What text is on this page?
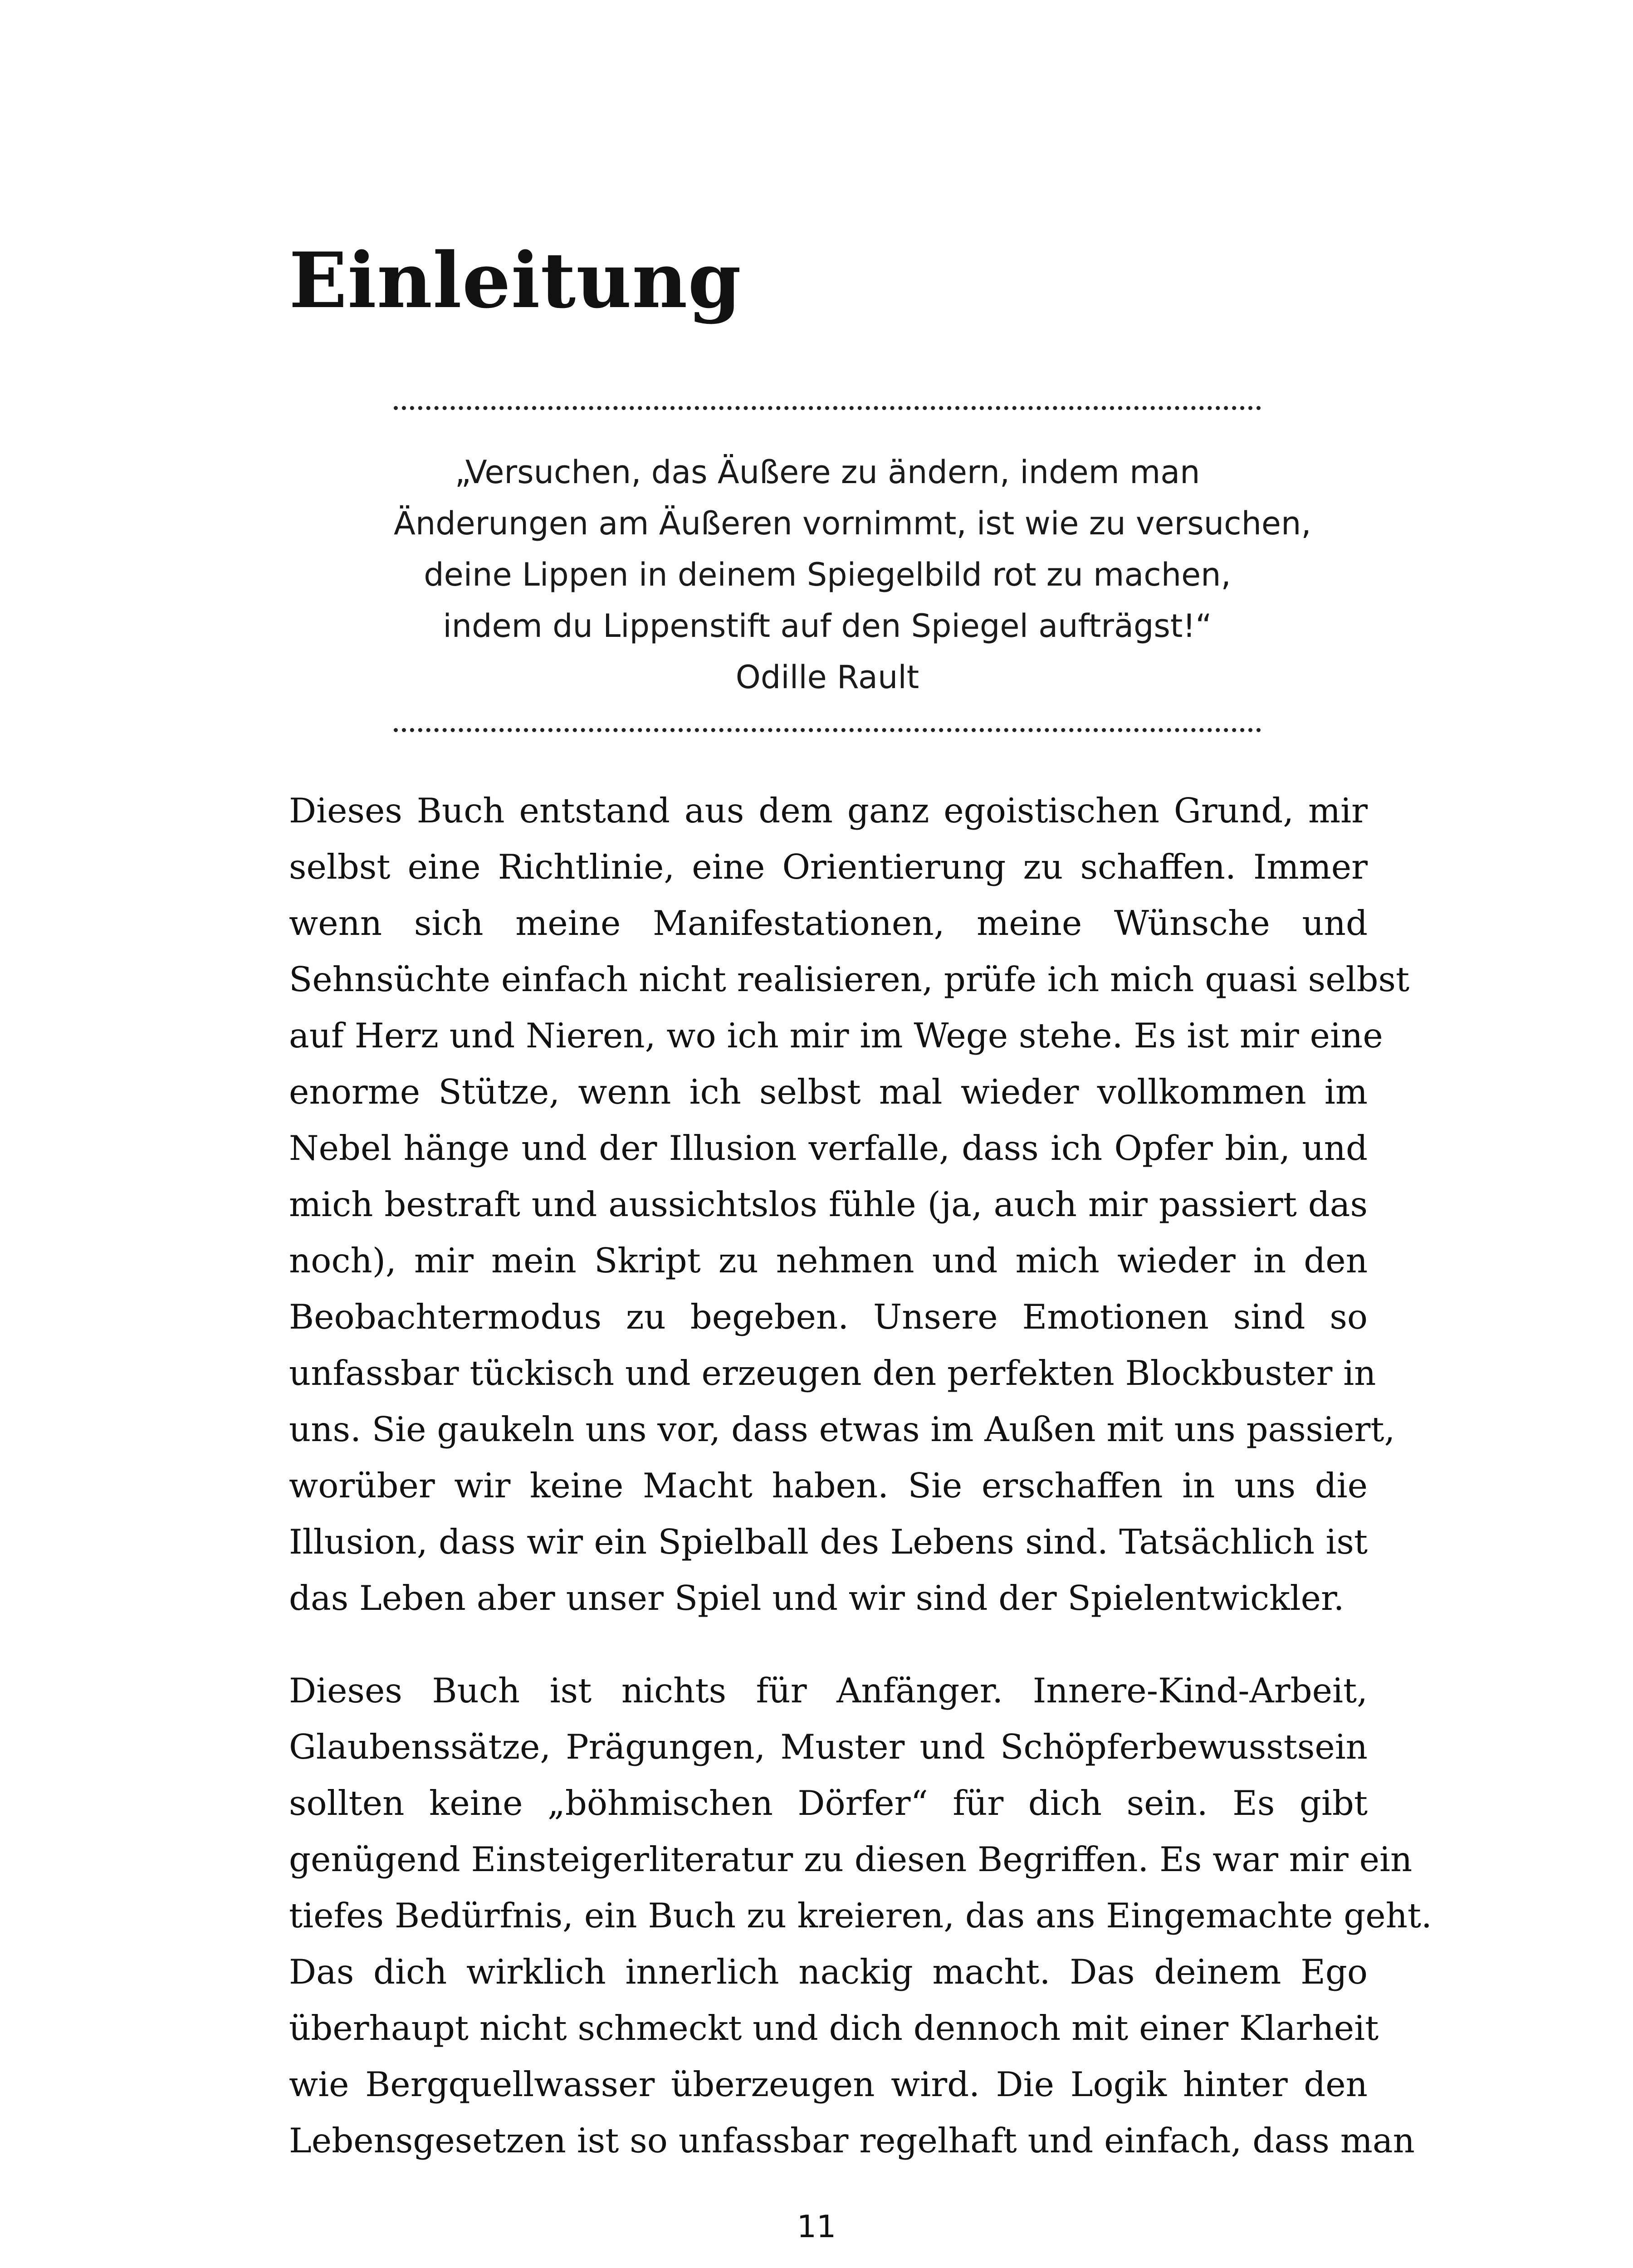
Einleitung
„Versuchen, das Äußere zu ändern, indem man
Änderungen am Äußeren vornimmt, ist wie zu versuchen,
deine Lippen in deinem Spiegelbild rot zu machen,
indem du Lippenstift auf den Spiegel aufträgst!“
Odille Rault
Dieses Buch entstand aus dem ganz egoistischen Grund, mir
selbst eine Richtlinie, eine Orientierung zu schaffen. Immer
wenn sich meine Manifestationen, meine Wünsche und
Sehnsüchte einfach nicht realisieren, prüfe ich mich quasi selbst
auf Herz und Nieren, wo ich mir im Wege stehe. Es ist mir eine
enorme Stütze, wenn ich selbst mal wieder vollkommen im
Nebel hänge und der Illusion verfalle, dass ich Opfer bin, und
mich bestraft und aussichtslos fühle (ja, auch mir passiert das
noch), mir mein Skript zu nehmen und mich wieder in den
Beobachtermodus zu begeben. Unsere Emotionen sind so
unfassbar tückisch und erzeugen den perfekten Blockbuster in
uns. Sie gaukeln uns vor, dass etwas im Außen mit uns passiert,
worüber wir keine Macht haben. Sie erschaffen in uns die
Illusion, dass wir ein Spielball des Lebens sind. Tatsächlich ist
das Leben aber unser Spiel und wir sind der Spielentwickler.
Dieses Buch ist nichts für Anfänger. Innere-Kind-Arbeit,
Glaubenssätze, Prägungen, Muster und Schöpferbewusstsein
sollten keine „böhmischen Dörfer“ für dich sein. Es gibt
genügend Einsteigerliteratur zu diesen Begriffen. Es war mir ein
tiefes Bedürfnis, ein Buch zu kreieren, das ans Eingemachte geht.
Das dich wirklich innerlich nackig macht. Das deinem Ego
überhaupt nicht schmeckt und dich dennoch mit einer Klarheit
wie Bergquellwasser überzeugen wird. Die Logik hinter den
Lebensgesetzen ist so unfassbar regelhaft und einfach, dass man
11
